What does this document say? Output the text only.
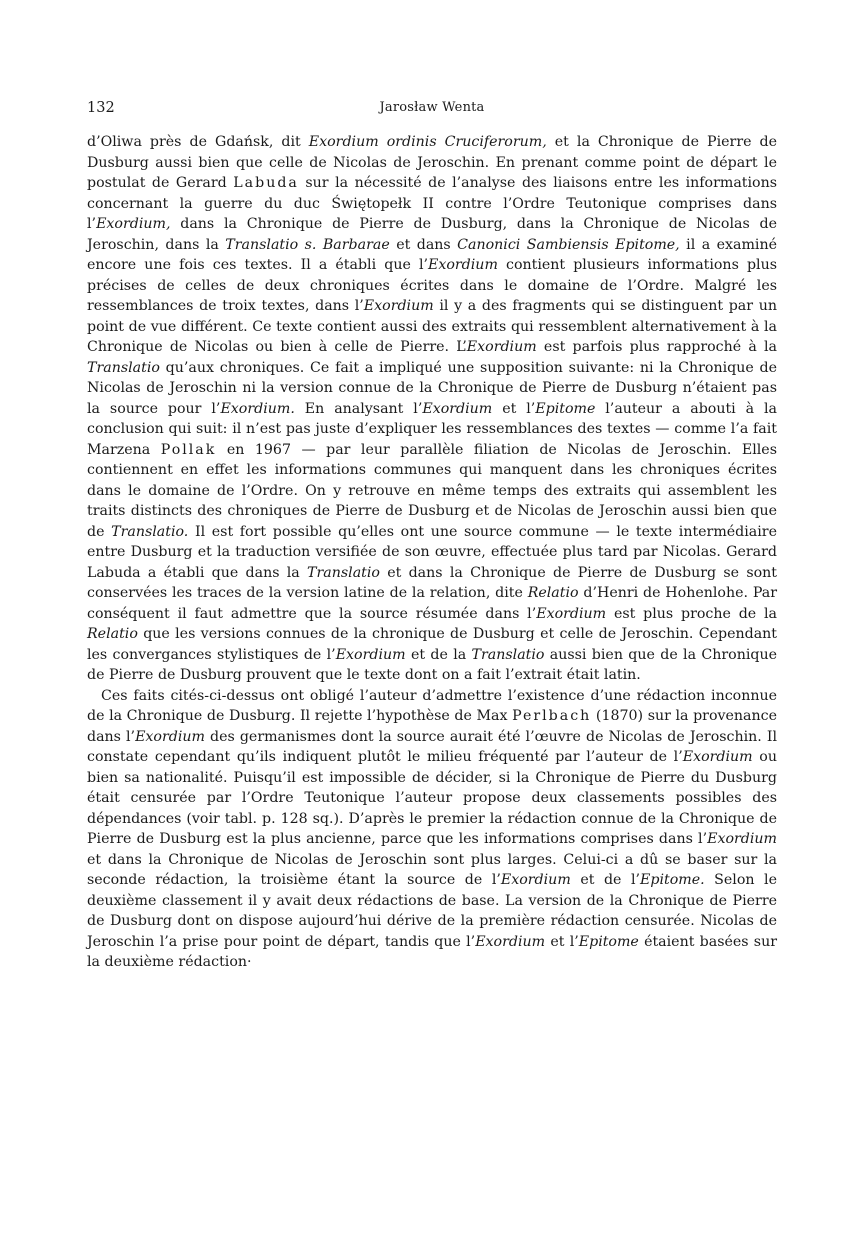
132	Jarosław Wenta

d’Oliwa près de Gdańsk, dit Exordium ordinis Cruciferorum, et la Chronique de Pierre de Dusburg aussi bien que celle de Nicolas de Jeroschin. En prenant comme point de départ le postulat de Gerard Labuda sur la nécessité de l’analyse des liaisons entre les informations concernant la guerre du duc Świętopełk II contre l’Ordre Teutonique comprises dans l’Exordium, dans la Chronique de Pierre de Dusburg, dans la Chronique de Nicolas de Jeroschin, dans la Translatio s. Barbarae et dans Canonici Sambiensis Epitome, il a examiné encore une fois ces textes. Il a établi que l’Exordium contient plusieurs informations plus précises de celles de deux chroniques écrites dans le domaine de l’Ordre. Malgré les ressemblances de troix textes, dans l’Exordium il y a des fragments qui se distinguent par un point de vue différent. Ce texte contient aussi des extraits qui ressemblent alternativement à la Chronique de Nicolas ou bien à celle de Pierre. L’Exordium est parfois plus rapproché à la Translatio qu’aux chroniques. Ce fait a impliqué une supposition suivante: ni la Chronique de Nicolas de Jeroschin ni la version connue de la Chronique de Pierre de Dusburg n’étaient pas la source pour l’Exordium. En analysant l’Exordium et l’Epitome l’auteur a abouti à la conclusion qui suit: il n’est pas juste d’expliquer les ressemblances des textes — comme l’a fait Marzena Pollak en 1967 — par leur parallèle filiation de Nicolas de Jeroschin. Elles contiennent en effet les informations communes qui manquent dans les chroniques écrites dans le domaine de l’Ordre. On y retrouve en même temps des extraits qui assemblent les traits distincts des chroniques de Pierre de Dusburg et de Nicolas de Jeroschin aussi bien que de Translatio. Il est fort possible qu’elles ont une source commune — le texte intermédiaire entre Dusburg et la traduction versifiée de son œuvre, effectuée plus tard par Nicolas. Gerard Labuda a établi que dans la Translatio et dans la Chronique de Pierre de Dusburg se sont conservées les traces de la version latine de la relation, dite Relatio d’Henri de Hohenlohe. Par conséquent il faut admettre que la source résumée dans l’Exordium est plus proche de la Relatio que les versions connues de la chronique de Dusburg et celle de Jeroschin. Cependant les convergances stylistiques de l’Exordium et de la Translatio aussi bien que de la Chronique de Pierre de Dusburg prouvent que le texte dont on a fait l’extrait était latin.

Ces faits cités-ci-dessus ont obligé l’auteur d’admettre l’existence d’une rédaction inconnue de la Chronique de Dusburg. Il rejette l’hypothèse de Max Perlbach (1870) sur la provenance dans l’Exordium des germanismes dont la source aurait été l’œuvre de Nicolas de Jeroschin. Il constate cependant qu’ils indiquent plutôt le milieu fréquenté par l’auteur de l’Exordium ou bien sa nationalité. Puisqu’il est impossible de décider, si la Chronique de Pierre du Dusburg était censurée par l’Ordre Teutonique l’auteur propose deux classements possibles des dépendances (voir tabl. p. 128 sq.). D’après le premier la rédaction connue de la Chronique de Pierre de Dusburg est la plus ancienne, parce que les informations comprises dans l’Exordium et dans la Chronique de Nicolas de Jeroschin sont plus larges. Celui-ci a dû se baser sur la seconde rédaction, la troisième étant la source de l’Exordium et de l’Epitome. Selon le deuxième classement il y avait deux rédactions de base. La version de la Chronique de Pierre de Dusburg dont on dispose aujourd’hui dérive de la première rédaction censurée. Nicolas de Jeroschin l’a prise pour point de départ, tandis que l’Exordium et l’Epitome étaient basées sur la deuxième rédaction·
